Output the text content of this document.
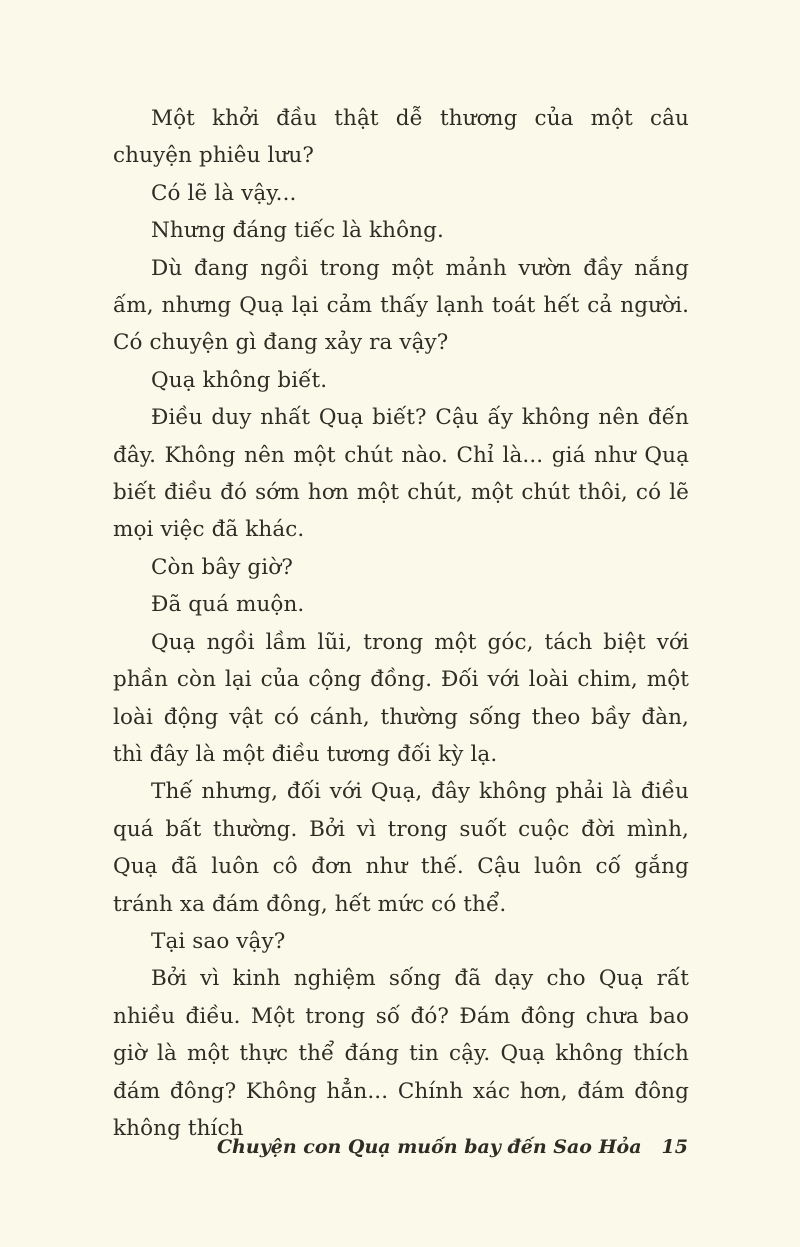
Một khởi đầu thật dễ thương của một câu chuyện phiêu lưu?

Có lẽ là vậy...

Nhưng đáng tiếc là không.

Dù đang ngồi trong một mảnh vườn đầy nắng ấm, nhưng Quạ lại cảm thấy lạnh toát hết cả người. Có chuyện gì đang xảy ra vậy?

Quạ không biết.

Điều duy nhất Quạ biết? Cậu ấy không nên đến đây. Không nên một chút nào. Chỉ là... giá như Quạ biết điều đó sớm hơn một chút, một chút thôi, có lẽ mọi việc đã khác.

Còn bây giờ?

Đã quá muộn.

Quạ ngồi lầm lũi, trong một góc, tách biệt với phần còn lại của cộng đồng. Đối với loài chim, một loài động vật có cánh, thường sống theo bầy đàn, thì đây là một điều tương đối kỳ lạ.

Thế nhưng, đối với Quạ, đây không phải là điều quá bất thường. Bởi vì trong suốt cuộc đời mình, Quạ đã luôn cô đơn như thế. Cậu luôn cố gắng tránh xa đám đông, hết mức có thể.

Tại sao vậy?

Bởi vì kinh nghiệm sống đã dạy cho Quạ rất nhiều điều. Một trong số đó? Đám đông chưa bao giờ là một thực thể đáng tin cậy. Quạ không thích đám đông? Không hẳn... Chính xác hơn, đám đông không thích

Chuyện con Quạ muốn bay đến Sao Hỏa 15
